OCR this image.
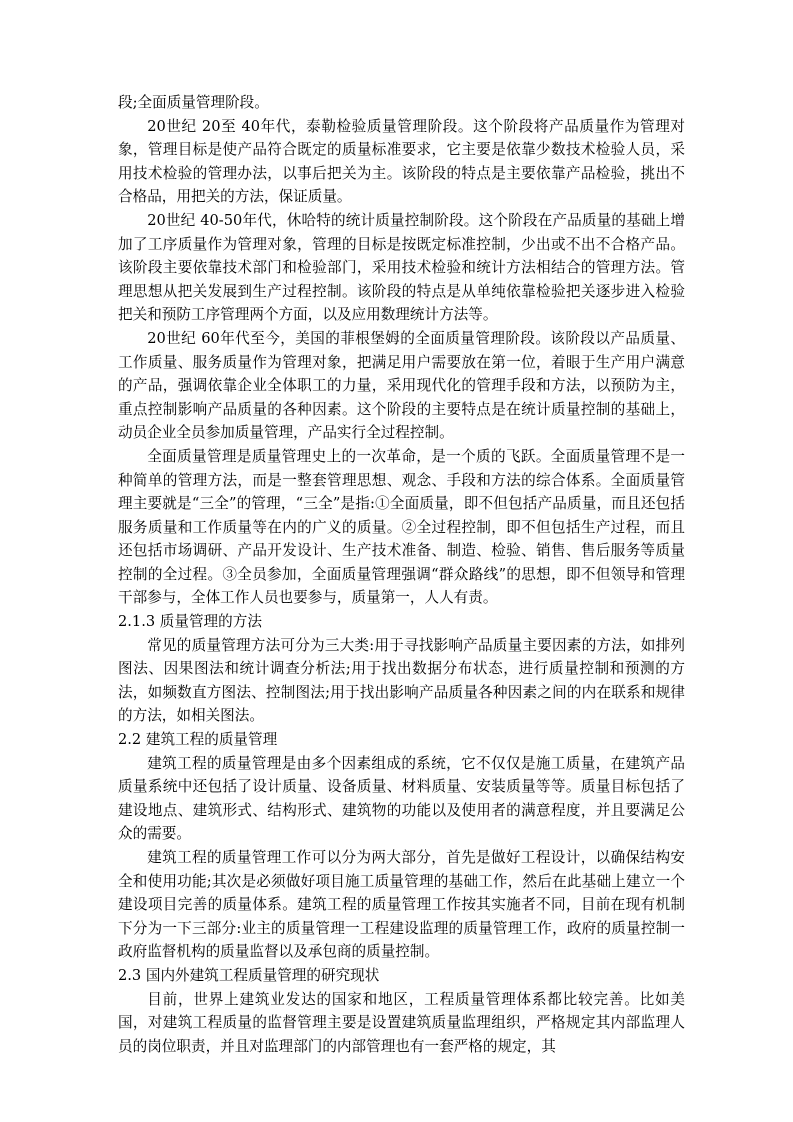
段;全面质量管理阶段。

20世纪 20至 40年代，泰勒检验质量管理阶段。这个阶段将产品质量作为管理对象，管理目标是使产品符合既定的质量标准要求，它主要是依靠少数技术检验人员，采用技术检验的管理办法，以事后把关为主。该阶段的特点是主要依靠产品检验，挑出不合格品，用把关的方法，保证质量。

20世纪 40-50年代，休哈特的统计质量控制阶段。这个阶段在产品质量的基础上增加了工序质量作为管理对象，管理的目标是按既定标准控制，少出或不出不合格产品。该阶段主要依靠技术部门和检验部门，采用技术检验和统计方法相结合的管理方法。管理思想从把关发展到生产过程控制。该阶段的特点是从单纯依靠检验把关逐步进入检验把关和预防工序管理两个方面，以及应用数理统计方法等。

20世纪 60年代至今，美国的菲根堡姆的全面质量管理阶段。该阶段以产品质量、工作质量、服务质量作为管理对象，把满足用户需要放在第一位，着眼于生产用户满意的产品，强调依靠企业全体职工的力量，采用现代化的管理手段和方法，以预防为主，重点控制影响产品质量的各种因素。这个阶段的主要特点是在统计质量控制的基础上，动员企业全员参加质量管理，产品实行全过程控制。

全面质量管理是质量管理史上的一次革命，是一个质的飞跃。全面质量管理不是一种简单的管理方法，而是一整套管理思想、观念、手段和方法的综合体系。全面质量管理主要就是“三全”的管理，“三全”是指:①全面质量，即不但包括产品质量，而且还包括服务质量和工作质量等在内的广义的质量。②全过程控制，即不但包括生产过程，而且还包括市场调研、产品开发设计、生产技术准备、制造、检验、销售、售后服务等质量控制的全过程。③全员参加，全面质量管理强调“群众路线”的思想，即不但领导和管理干部参与，全体工作人员也要参与，质量第一，人人有责。

2.1.3 质量管理的方法

常见的质量管理方法可分为三大类:用于寻找影响产品质量主要因素的方法，如排列图法、因果图法和统计调查分析法;用于找出数据分布状态，进行质量控制和预测的方法，如频数直方图法、控制图法;用于找出影响产品质量各种因素之间的内在联系和规律的方法，如相关图法。

2.2 建筑工程的质量管理

建筑工程的质量管理是由多个因素组成的系统，它不仅仅是施工质量，在建筑产品质量系统中还包括了设计质量、设备质量、材料质量、安装质量等等。质量目标包括了建设地点、建筑形式、结构形式、建筑物的功能以及使用者的满意程度，并且要满足公众的需要。

建筑工程的质量管理工作可以分为两大部分，首先是做好工程设计，以确保结构安全和使用功能;其次是必须做好项目施工质量管理的基础工作，然后在此基础上建立一个建设项目完善的质量体系。建筑工程的质量管理工作按其实施者不同，目前在现有机制下分为一下三部分:业主的质量管理一工程建设监理的质量管理工作，政府的质量控制一政府监督机构的质量监督以及承包商的质量控制。

2.3 国内外建筑工程质量管理的研究现状

目前，世界上建筑业发达的国家和地区，工程质量管理体系都比较完善。比如美国，对建筑工程质量的监督管理主要是设置建筑质量监理组织，严格规定其内部监理人员的岗位职责，并且对监理部门的内部管理也有一套严格的规定，其
